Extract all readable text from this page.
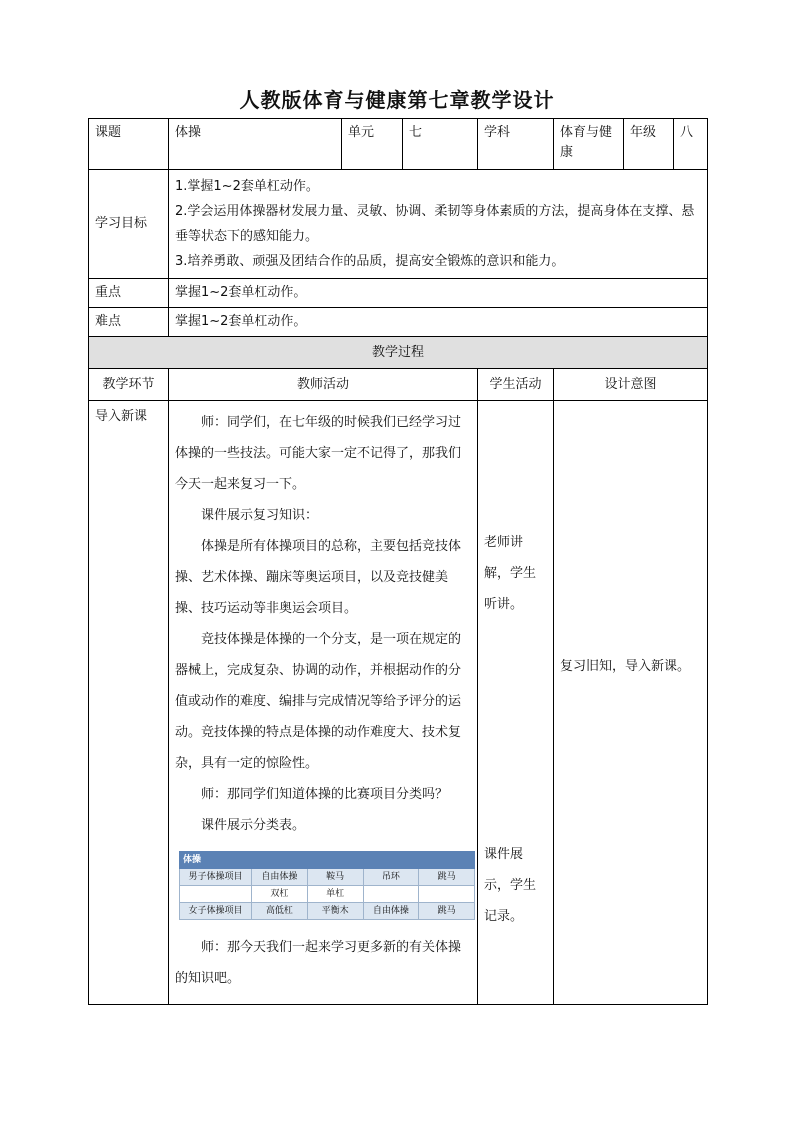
人教版体育与健康第七章教学设计
课题	体操	单元	七	学科	体育与健康	年级	八
学习目标	
1.掌握1~2套单杠动作。
2.学会运用体操器材发展力量、灵敏、协调、柔韧等身体素质的方法，提高身体在支撑、悬垂等状态下的感知能力。
3.培养勇敢、顽强及团结合作的品质，提高安全锻炼的意识和能力。

重点	掌握1~2套单杠动作。
难点	掌握1~2套单杠动作。
教学过程
教学环节	教师活动	学生活动	设计意图

导入新课	师：同学们，在七年级的时候我们已经学习过体操的一些技法。可能大家一定不记得了，那我们今天一起来复习一下。

课件展示复习知识：

体操是所有体操项目的总称，主要包括竞技体操、艺术体操、蹦床等奥运项目，以及竞技健美操、技巧运动等非奥运会项目。

竞技体操是体操的一个分支，是一项在规定的器械上，完成复杂、协调的动作，并根据动作的分值或动作的难度、编排与完成情况等给予评分的运动。竞技体操的特点是体操的动作难度大、技术复杂，具有一定的惊险性。

师：那同学们知道体操的比赛项目分类吗？

课件展示分类表。

体操
男子体操项目	自由体操	鞍马	吊环	跳马
	双杠	单杠		
女子体操项目	高低杠	平衡木	自由体操	跳马

师：那今天我们一起来学习更多新的有关体操的知识吧。

老师讲解，学生听讲。
课件展示，学生记录。

复习旧知，导入新课。
